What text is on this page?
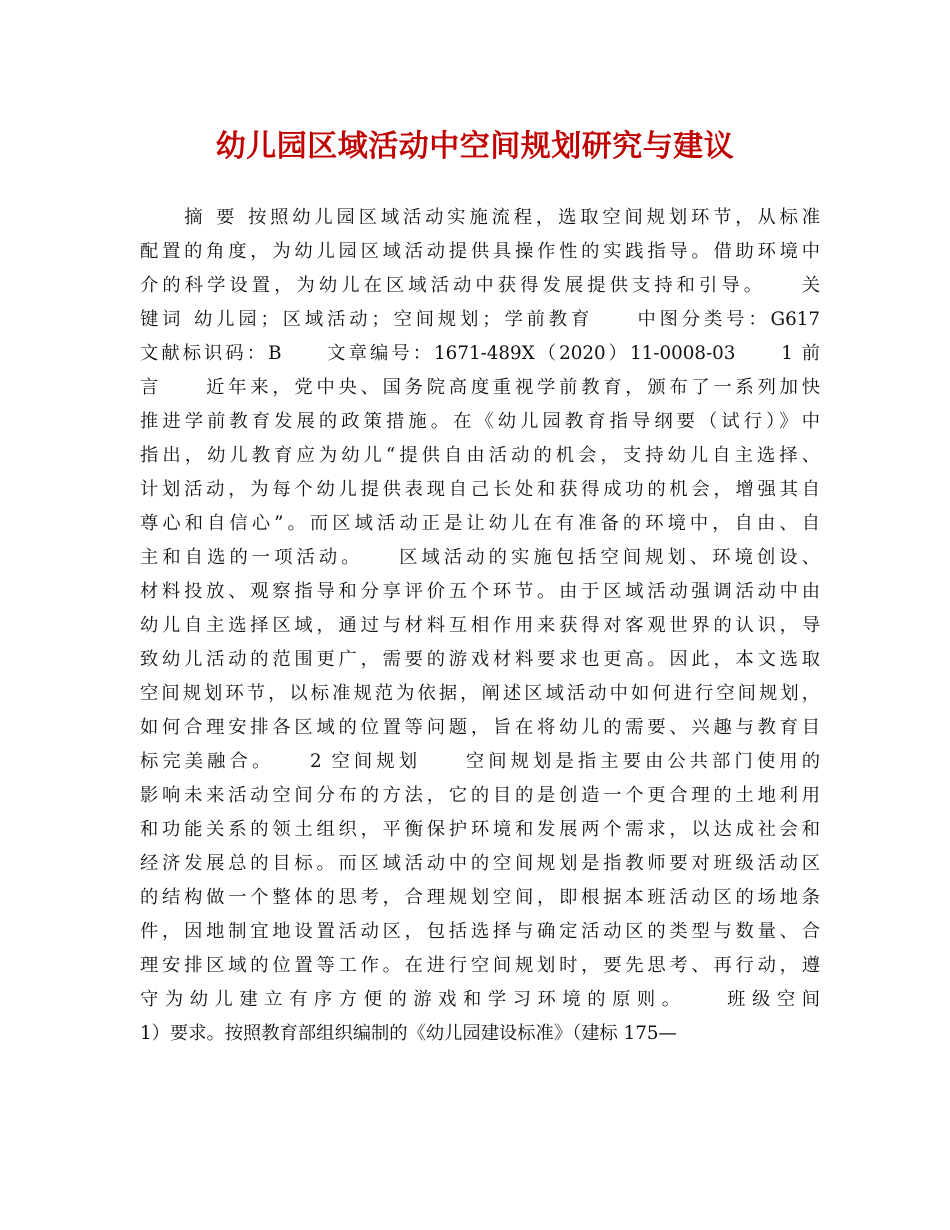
幼儿园区域活动中空间规划研究与建议
　　摘 要 按照幼儿园区域活动实施流程，选取空间规划环节，从标准
配置的角度，为幼儿园区域活动提供具操作性的实践指导。借助环境中
介的科学设置，为幼儿在区域活动中获得发展提供支持和引导。　　关
键词 幼儿园；区域活动；空间规划；学前教育　　中图分类号：G617
文献标识码：B　　文章编号：1671-489X（2020）11-0008-03　　1 前
言　　近年来，党中央、国务院高度重视学前教育，颁布了一系列加快
推进学前教育发展的政策措施。在《幼儿园教育指导纲要（试行）》中
指出，幼儿教育应为幼儿“提供自由活动的机会，支持幼儿自主选择、
计划活动，为每个幼儿提供表现自己长处和获得成功的机会，增强其自
尊心和自信心”。而区域活动正是让幼儿在有准备的环境中，自由、自
主和自选的一项活动。　　区域活动的实施包括空间规划、环境创设、
材料投放、观察指导和分享评价五个环节。由于区域活动强调活动中由
幼儿自主选择区域，通过与材料互相作用来获得对客观世界的认识，导
致幼儿活动的范围更广，需要的游戏材料要求也更高。因此，本文选取
空间规划环节，以标准规范为依据，阐述区域活动中如何进行空间规划，
如何合理安排各区域的位置等问题，旨在将幼儿的需要、兴趣与教育目
标完美融合。　　2 空间规划　　空间规划是指主要由公共部门使用的
影响未来活动空间分布的方法，它的目的是创造一个更合理的土地利用
和功能关系的领土组织，平衡保护环境和发展两个需求，以达成社会和
经济发展总的目标。而区域活动中的空间规划是指教师要对班级活动区
的结构做一个整体的思考，合理规划空间，即根据本班活动区的场地条
件，因地制宜地设置活动区，包括选择与确定活动区的类型与数量、合
理安排区域的位置等工作。在进行空间规划时，要先思考、再行动，遵
守为幼儿建立有序方便的游戏和学习环境的原则。　　班级空间
1）要求。按照教育部组织编制的《幼儿园建设标准》（建标 175—
